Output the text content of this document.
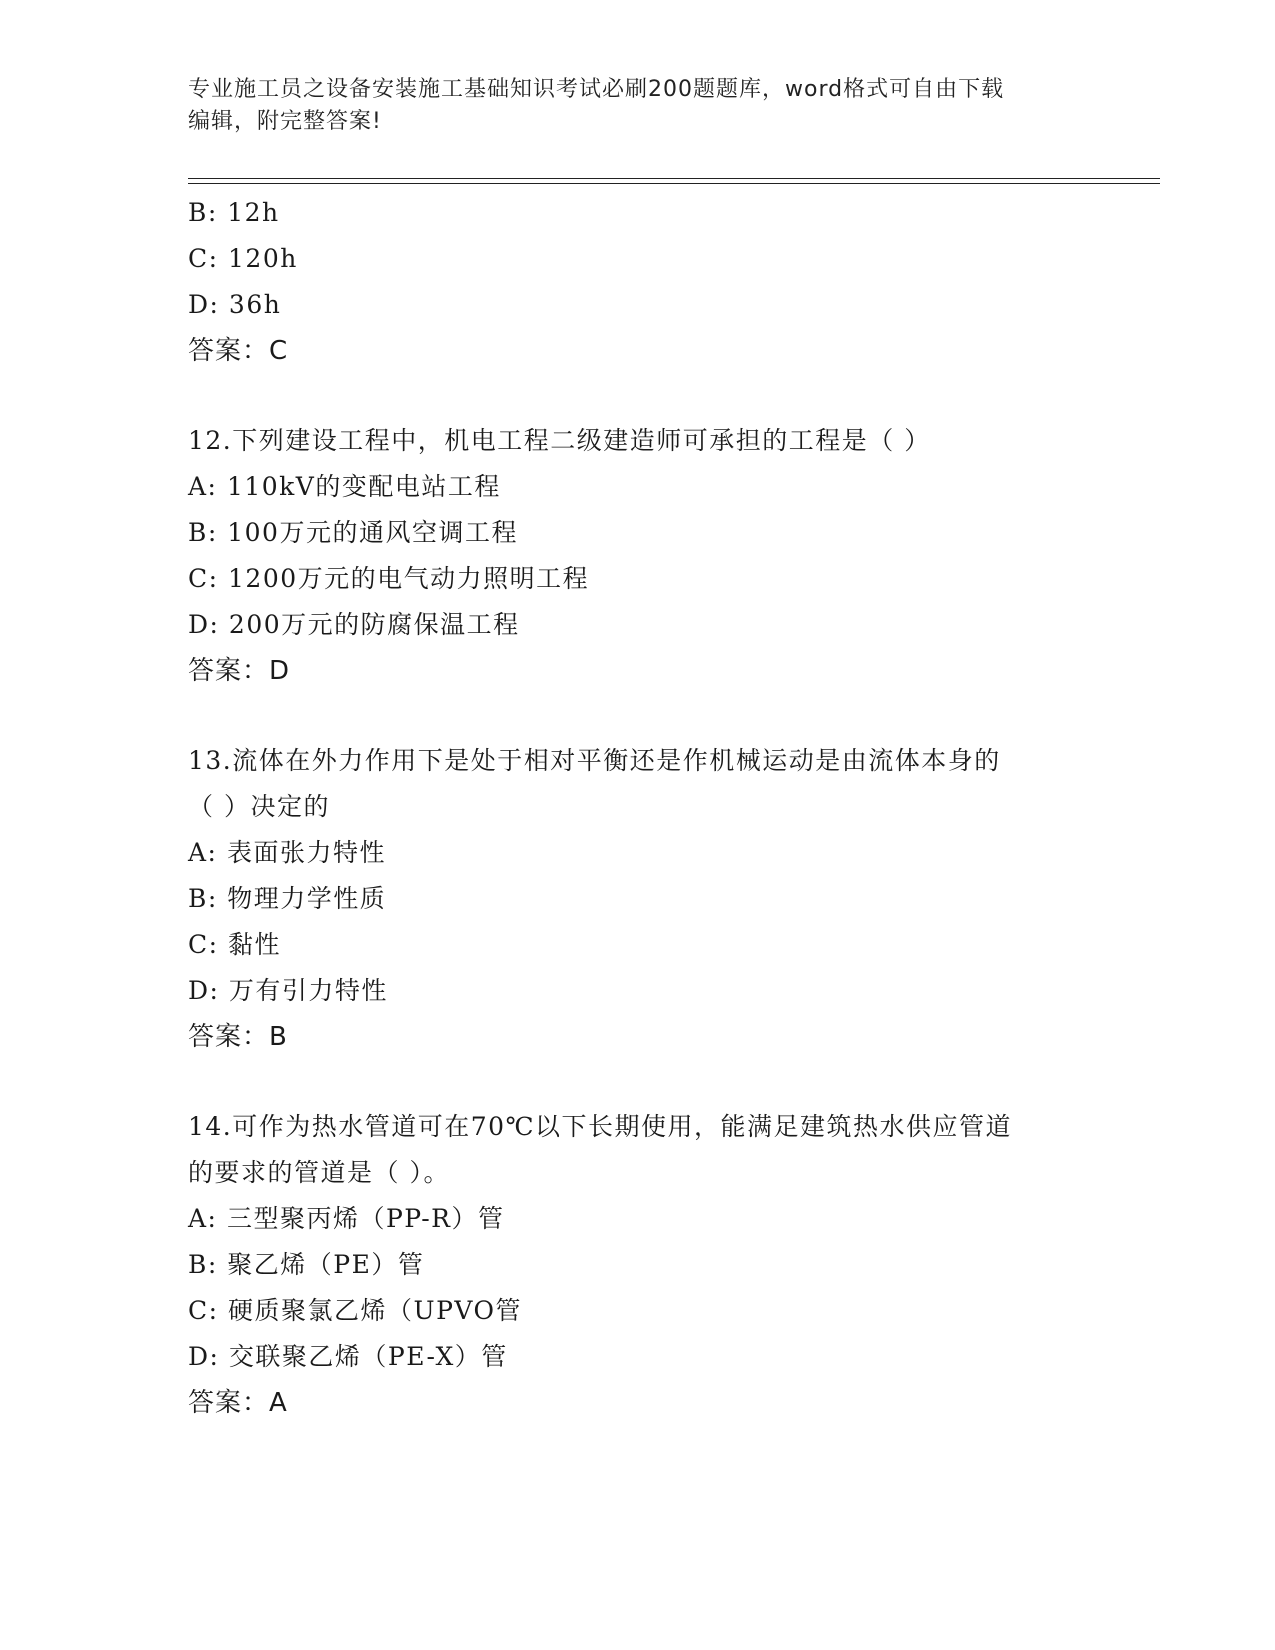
专业施工员之设备安装施工基础知识考试必刷200题题库，word格式可自由下载
编辑，附完整答案!
B: 12h
C: 120h
D: 36h
答案：C
12.下列建设工程中，机电工程二级建造师可承担的工程是（ ）
A: 110kV的变配电站工程
B: 100万元的通风空调工程
C: 1200万元的电气动力照明工程
D: 200万元的防腐保温工程
答案：D
13.流体在外力作用下是处于相对平衡还是作机械运动是由流体本身的
（ ）决定的
A: 表面张力特性
B: 物理力学性质
C: 黏性
D: 万有引力特性
答案：B
14.可作为热水管道可在70℃以下长期使用，能满足建筑热水供应管道
的要求的管道是（ ）。
A: 三型聚丙烯（PP-R）管
B: 聚乙烯（PE）管
C: 硬质聚氯乙烯（UPVO管
D: 交联聚乙烯（PE-X）管
答案：A
